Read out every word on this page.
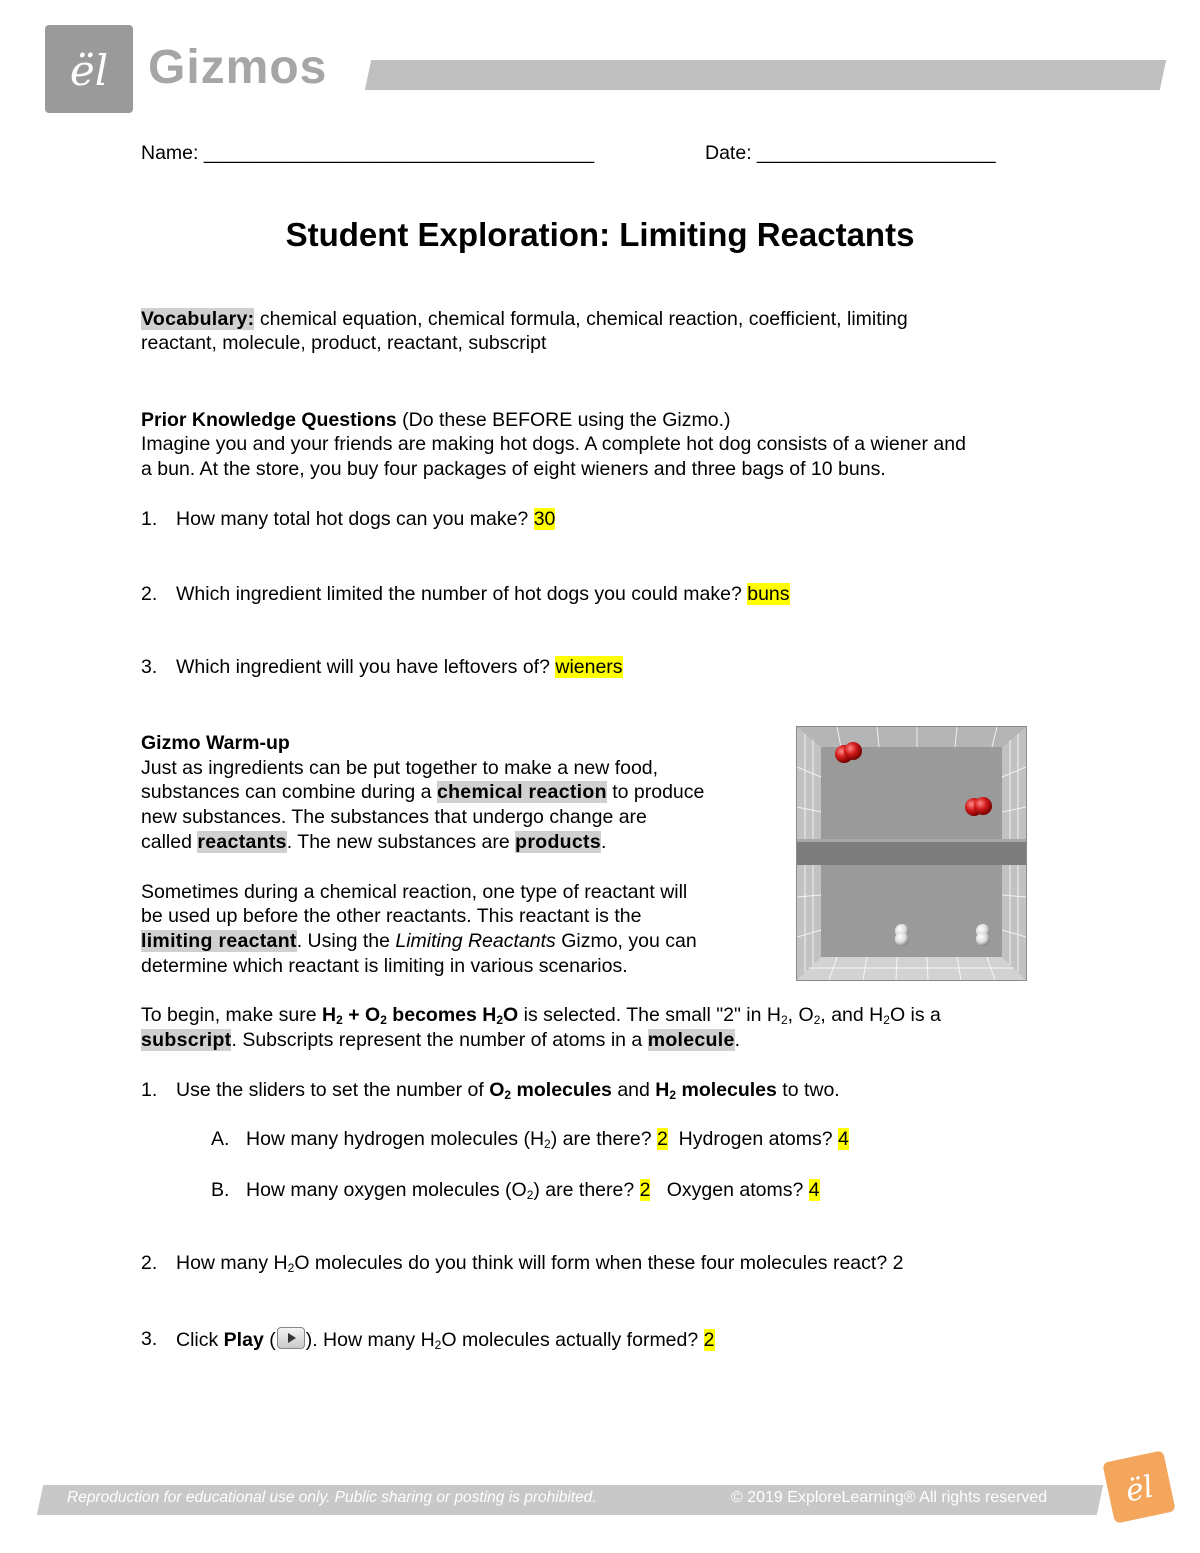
ël Gizmos
Name: ____________________________________	Date: ______________________
Student Exploration: Limiting Reactants
Vocabulary: chemical equation, chemical formula, chemical reaction, coefficient, limiting
reactant, molecule, product, reactant, subscript
Prior Knowledge Questions (Do these BEFORE using the Gizmo.)
Imagine you and your friends are making hot dogs. A complete hot dog consists of a wiener and
a bun. At the store, you buy four packages of eight wieners and three bags of 10 buns.
1. How many total hot dogs can you make? 30
2. Which ingredient limited the number of hot dogs you could make? buns
3. Which ingredient will you have leftovers of? wieners
Gizmo Warm-up
Just as ingredients can be put together to make a new food,
substances can combine during a chemical reaction to produce
new substances. The substances that undergo change are
called reactants. The new substances are products.
Sometimes during a chemical reaction, one type of reactant will
be used up before the other reactants. This reactant is the
limiting reactant. Using the Limiting Reactants Gizmo, you can
determine which reactant is limiting in various scenarios.
To begin, make sure $H_2 + O_2$ becomes $H_2O$ is selected. The small "2" in $H_2$, $O_2$, and $H_2O$ is a
subscript. Subscripts represent the number of atoms in a molecule.
1. Use the sliders to set the number of $O_2$ molecules and $H_2$ molecules to two.
A. How many hydrogen molecules $(H_2)$ are there? 2  Hydrogen atoms? 4
B. How many oxygen molecules $(O_2)$ are there? 2   Oxygen atoms? 4
2. How many $H_2O$ molecules do you think will form when these four molecules react? 2
3. Click Play ( ). How many $H_2O$ molecules actually formed? 2
Reproduction for educational use only. Public sharing or posting is prohibited.	© 2019 ExploreLearning® All rights reserved	ël
